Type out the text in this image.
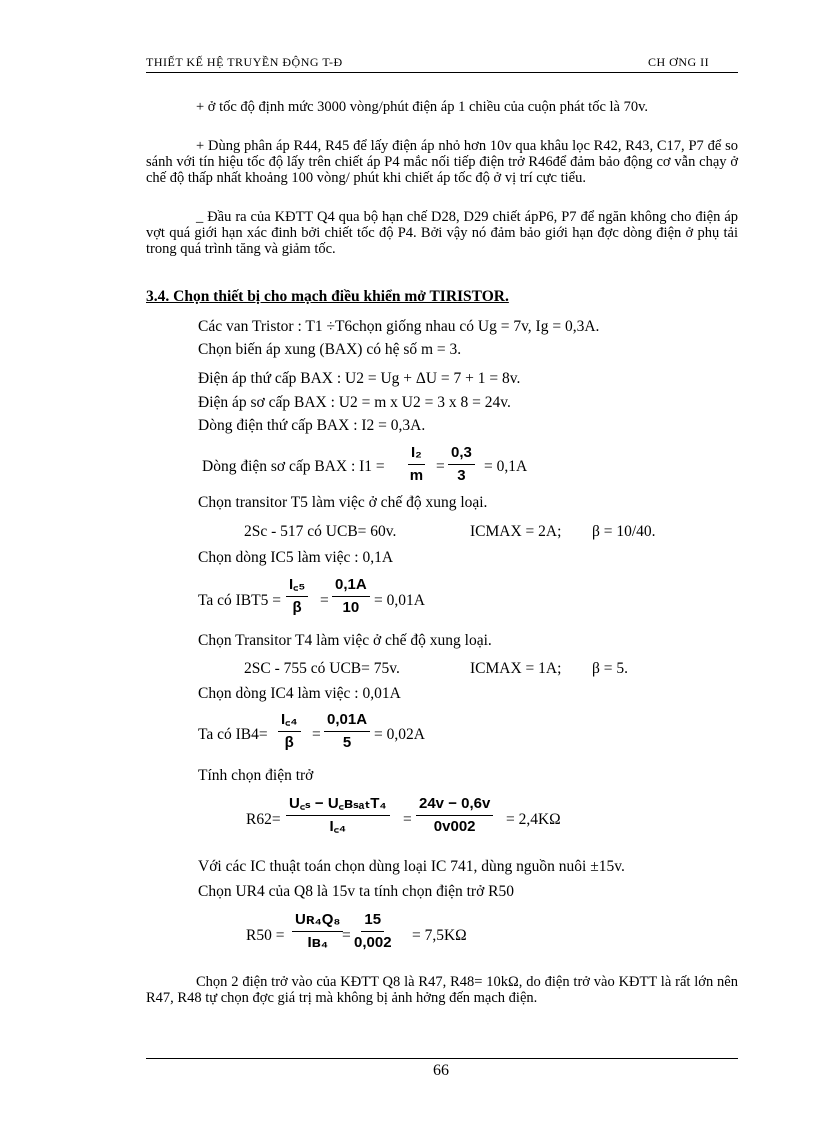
THIẾT KẾ HỆ TRUYỀN ĐỘNG T-Đ	CH ƠNG II
+ ở tốc độ định mức 3000 vòng/phút điện áp 1 chiều của cuộn phát tốc là 70v.
+ Dùng phân áp R44, R45 để lấy điện áp nhỏ hơn 10v qua khâu lọc R42, R43, C17, P7 để so sánh với tín hiệu tốc độ lấy trên chiết áp P4 mắc nối tiếp điện trở R46để đảm bảo động cơ vẫn chạy ở chế độ thấp nhất khoảng 100 vòng/ phút khi chiết áp tốc độ ở vị trí cực tiểu.
_ Đầu ra của KĐTT Q4 qua bộ hạn chế D28, D29 chiết ápP6, P7 để ngăn không cho điện áp vợt quá giới hạn xác đinh bởi chiết tốc độ P4. Bởi vậy nó đảm bảo giới hạn đợc dòng điện ở phụ tải trong quá trình tăng và giảm tốc.
3.4. Chọn thiết bị cho mạch điều khiển mở TIRISTOR.
Các van Tristor : T1 ÷T6chọn giống nhau có Ug = 7v, Ig = 0,3A.
Chọn biến áp xung (BAX) có hệ số m = 3.
Điện áp thứ cấp BAX : U2 = Ug + ΔU = 7 + 1 = 8v.
Điện áp sơ cấp BAX : U2 = m x U2 = 3 x 8 = 24v.
Dòng điện thứ cấp BAX : I2 = 0,3A.
Dòng điện sơ cấp BAX : $I1 = \frac{\text{I₂}}{m} = \frac{0,3}{3} = 0,1A$
Chọn transitor T5 làm việc ở chế độ xung loại.
2Sc - 517 có UCB= 60v.	ICMAX = 2A; β = 10/40.
Chọn dòng IC5 làm việc : 0,1A
Ta có $IBT5 = \frac{\text{I꜀₅}}{\beta} = \frac{0,1A}{10} = 0,01A$
Chọn Transitor T4 làm việc ở chế độ xung loại.
2SC - 755 có UCB= 75v.	ICMAX = 1A; β = 5.
Chọn dòng IC4 làm việc : 0,01A
Ta có $IB4= \frac{\text{I꜀₄}}{\beta} = \frac{0,01A}{5} = 0,02A$
Tính chọn điện trở
R62=
U꜀ₛ − U꜀ʙₛₐₜT₄
I꜀₄	= $\frac{24v - 0,6v}{0v002} = 2,4K\Omega$
Với các IC thuật toán chọn dùng loại IC 741, dùng nguồn nuôi ±15v.
Chọn UR4 của Q8 là 15v ta tính chọn điện trở R50
$R50 = \frac{\text{Uʀ₄Q₈}}{\text{Iʙ₄}}$
= $\frac{15}{0,002} = 7,5K\Omega$
Chọn 2 điện trở vào của KĐTT Q8 là R47, R48= 10kΩ, do điện trở vào KĐTT là rất lớn nên R47, R48 tự chọn đợc giá trị mà không bị ảnh hởng đến mạch điện.
66
